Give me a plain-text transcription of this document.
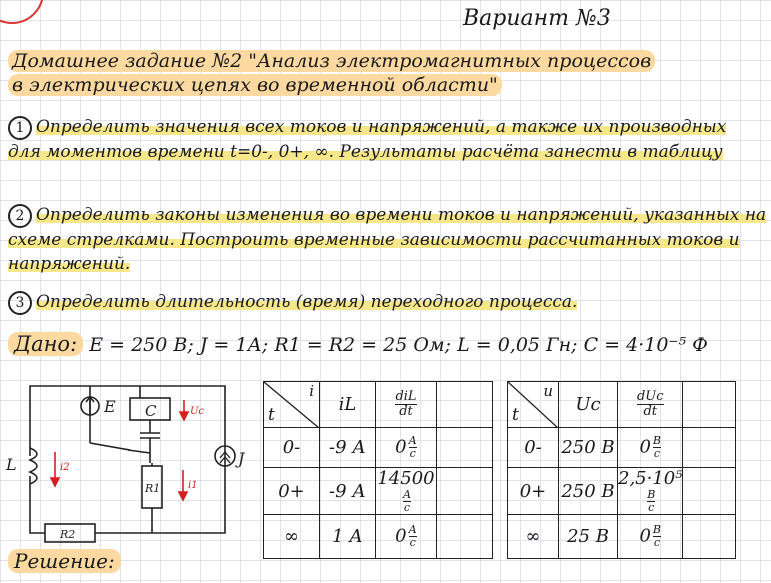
Вариант №3
Домашнее задание №2 "Анализ электромагнитных процессов
в электрических цепях во временной области"
1 Определить значения всех токов и напряжений, а также их производных для моментов времени t=0-, 0+, ∞. Результаты расчёта занести в таблицу
2 Определить законы изменения во времени токов и напряжений, указанных на схеме стрелками. Построить временные зависимости рассчитанных токов и напряжений.
3 Определить длительность (время) переходного процесса.
Дано: E = 250 В; J = 1А; R1 = R2 = 25 Ом; L = 0,05 Гн; C = 4·10⁻⁵ Ф
E C	Uc
J
L	i2
i1
R1
R2
i
t	iL	$\frac{\text{diL}}{dt}$

0-	-9 А	0 А
с	

0+	-9 А	14500
А
с	

∞	1 А	0 А
с	

u
t	Uc	$\frac{\text{dUc}}{dt}$

0-	250 В	0 В
с	

0+	250 В	2,5·10⁵
В
с	

∞	25 В	0 В
с	

Решение:
